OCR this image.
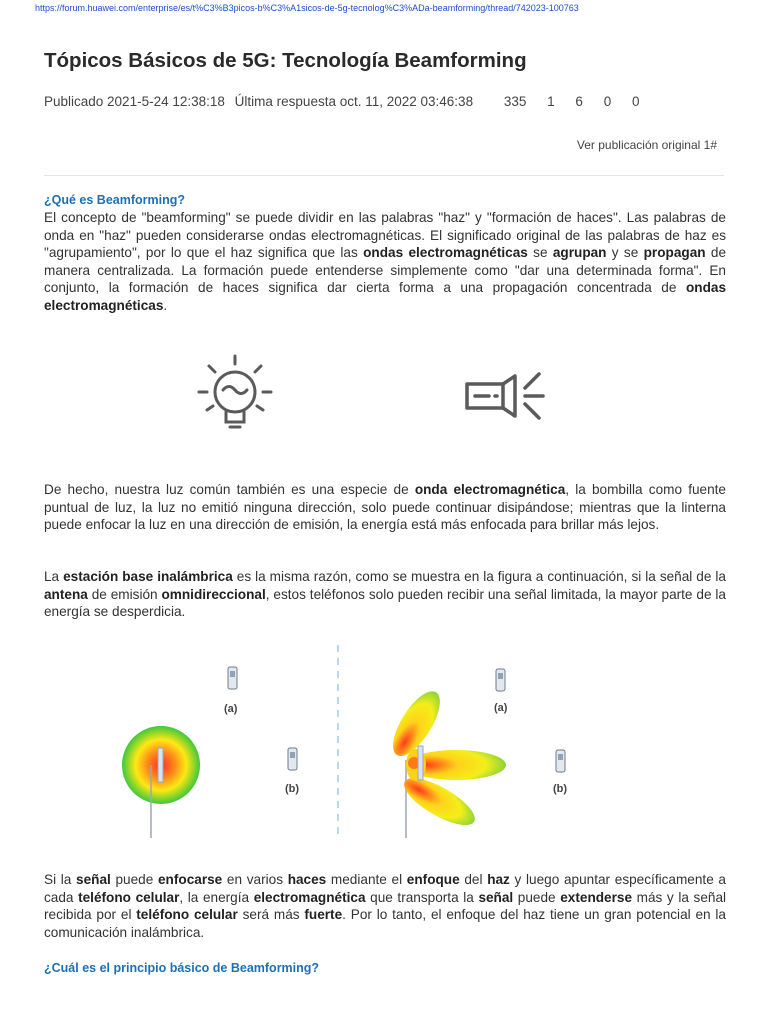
https://forum.huawei.com/enterprise/es/t%C3%B3picos-b%C3%A1sicos-de-5g-tecnolog%C3%ADa-beamforming/thread/742023-100763
Tópicos Básicos de 5G: Tecnología Beamforming
Publicado 2021-5-24 12:38:18 Última respuesta oct. 11, 2022 03:46:38 335 1 6 0 0
Ver publicación original 1#
¿Qué es Beamforming?

El concepto de "beamforming" se puede dividir en las palabras "haz" y "formación de haces". Las palabras de onda en "haz" pueden considerarse ondas electromagnéticas. El significado original de las palabras de haz es "agrupamiento", por lo que el haz significa que las ondas electromagnéticas se agrupan y se propagan de manera centralizada. La formación puede entenderse simplemente como "dar una determinada forma". En conjunto, la formación de haces significa dar cierta forma a una propagación concentrada de ondas electromagnéticas.

De hecho, nuestra luz común también es una especie de onda electromagnética, la bombilla como fuente puntual de luz, la luz no emitió ninguna dirección, solo puede continuar disipándose; mientras que la linterna puede enfocar la luz en una dirección de emisión, la energía está más enfocada para brillar más lejos.

La estación base inalámbrica es la misma razón, como se muestra en la figura a continuación, si la señal de la antena de emisión omnidireccional, estos teléfonos solo pueden recibir una señal limitada, la mayor parte de la energía se desperdicia.

(a)
(b)
(a)
(b)

Si la señal puede enfocarse en varios haces mediante el enfoque del haz y luego apuntar específicamente a cada teléfono celular, la energía electromagnética que transporta la señal puede extenderse más y la señal recibida por el teléfono celular será más fuerte. Por lo tanto, el enfoque del haz tiene un gran potencial en la comunicación inalámbrica.

¿Cuál es el principio básico de Beamforming?
